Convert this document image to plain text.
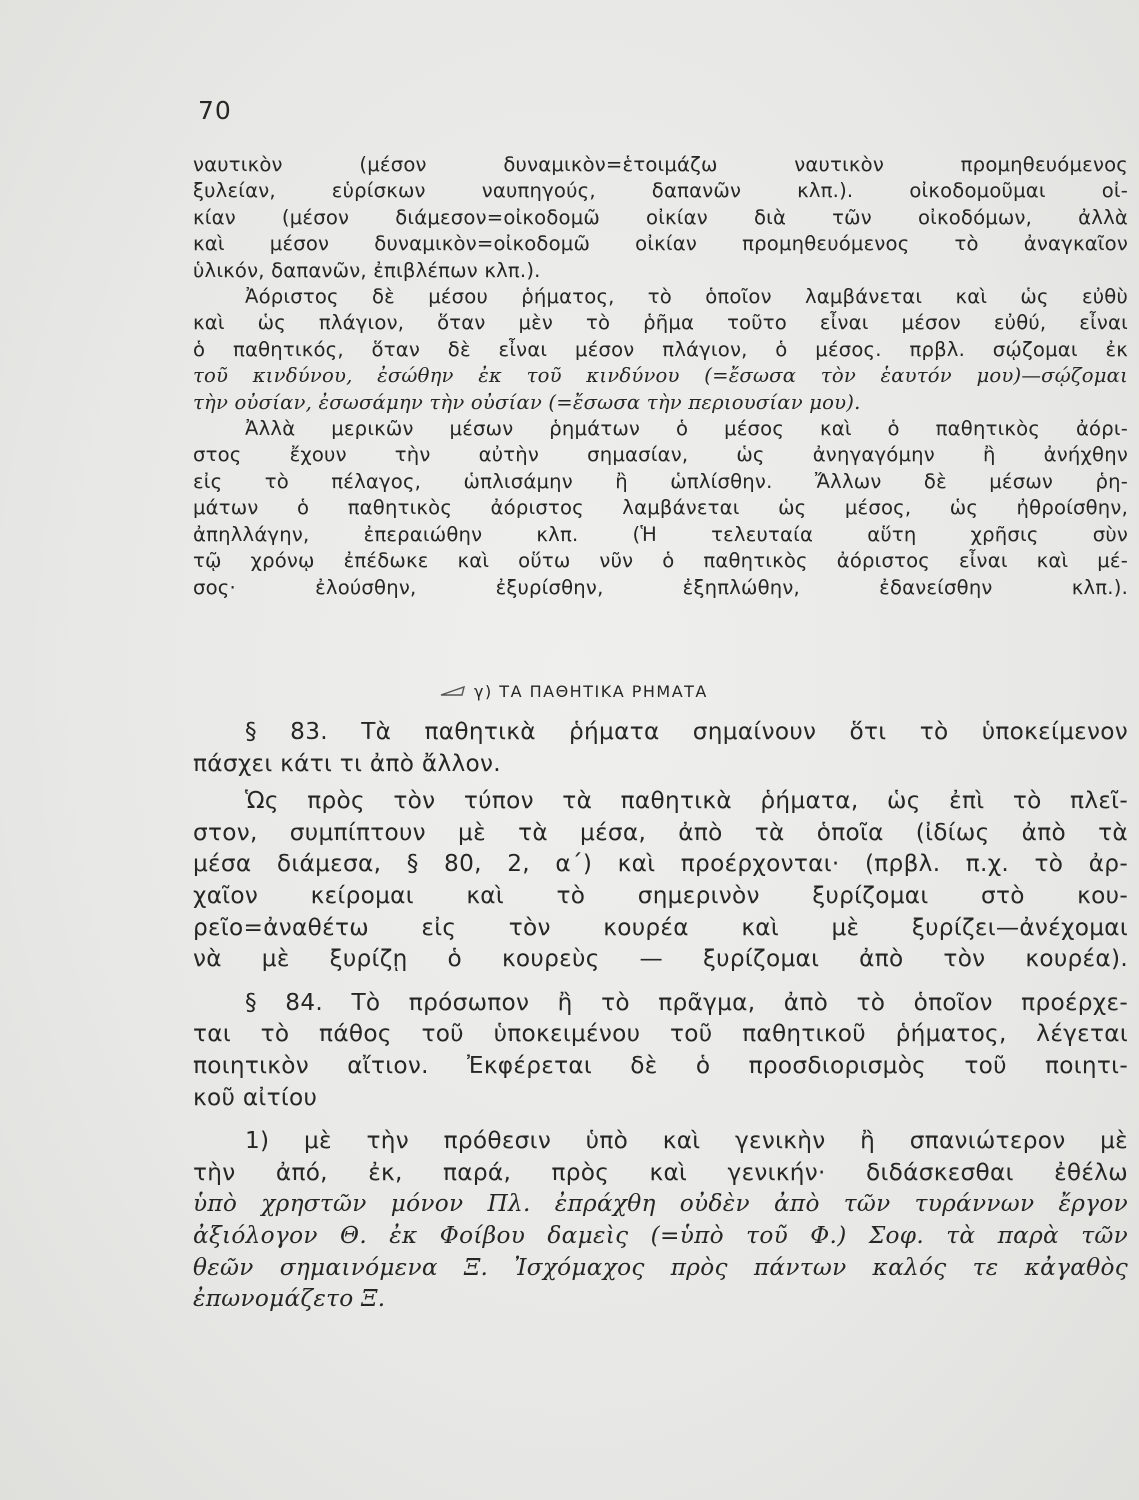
70
ναυτικὸν (μέσον δυναμικὸν=ἑτοιμάζω ναυτικὸν προμηθευόμενος
ξυλείαν, εὑρίσκων ναυπηγούς, δαπανῶν κλπ.). οἰκοδομοῦμαι οἰ-
κίαν (μέσον διάμεσον=οἰκοδομῶ οἰκίαν διὰ τῶν οἰκοδόμων, ἀλλὰ
καὶ μέσον δυναμικὸν=οἰκοδομῶ οἰκίαν προμηθευόμενος τὸ ἀναγκαῖον
ὑλικόν, δαπανῶν, ἐπιβλέπων κλπ.).
Ἀόριστος δὲ μέσου ῥήματος, τὸ ὁποῖον λαμβάνεται καὶ ὡς εὐθὺ
καὶ ὡς πλάγιον, ὅταν μὲν τὸ ῥῆμα τοῦτο εἶναι μέσον εὐθύ, εἶναι
ὁ παθητικός, ὅταν δὲ εἶναι μέσον πλάγιον, ὁ μέσος. πρβλ. σῴζομαι ἐκ
τοῦ κινδύνου, ἐσώθην ἐκ τοῦ κινδύνου (=ἔσωσα τὸν ἑαυτόν μου)—σῴζομαι
τὴν οὐσίαν, ἐσωσάμην τὴν οὐσίαν (=ἔσωσα τὴν περιουσίαν μου).
Ἀλλὰ μερικῶν μέσων ῥημάτων ὁ μέσος καὶ ὁ παθητικὸς ἀόρι-
στος ἔχουν τὴν αὐτὴν σημασίαν, ὡς ἀνηγαγόμην ἢ ἀνήχθην
εἰς τὸ πέλαγος, ὡπλισάμην ἢ ὡπλίσθην. Ἄλλων δὲ μέσων ῥη-
μάτων ὁ παθητικὸς ἀόριστος λαμβάνεται ὡς μέσος, ὡς ἠθροίσθην,
ἀπηλλάγην, ἐπεραιώθην κλπ. (Ἡ τελευταία αὕτη χρῆσις σὺν
τῷ χρόνῳ ἐπέδωκε καὶ οὕτω νῦν ὁ παθητικὸς ἀόριστος εἶναι καὶ μέ-
σος· ἐλούσθην, ἐξυρίσθην, ἐξηπλώθην, ἐδανείσθην κλπ.).
γ) ΤΑ ΠΑΘΗΤΙΚΑ ΡΗΜΑΤΑ
§ 83. Τὰ παθητικὰ ῥήματα σημαίνουν ὅτι τὸ ὑποκείμενον
πάσχει κάτι τι ἀπὸ ἄλλον.
Ὡς πρὸς τὸν τύπον τὰ παθητικὰ ῥήματα, ὡς ἐπὶ τὸ πλεῖ-
στον, συμπίπτουν μὲ τὰ μέσα, ἀπὸ τὰ ὁποῖα (ἰδίως ἀπὸ τὰ
μέσα διάμεσα, § 80, 2, α΄) καὶ προέρχονται· (πρβλ. π.χ. τὸ ἀρ-
χαῖον κείρομαι καὶ τὸ σημερινὸν ξυρίζομαι στὸ κου-
ρεῖο=ἀναθέτω εἰς τὸν κουρέα καὶ μὲ ξυρίζει—ἀνέχομαι
νὰ μὲ ξυρίζῃ ὁ κουρεὺς — ξυρίζομαι ἀπὸ τὸν κουρέα).
§ 84. Τὸ πρόσωπον ἢ τὸ πρᾶγμα, ἀπὸ τὸ ὁποῖον προέρχε-
ται τὸ πάθος τοῦ ὑποκειμένου τοῦ παθητικοῦ ῥήματος, λέγεται
ποιητικὸν αἴτιον. Ἐκφέρεται δὲ ὁ προσδιορισμὸς τοῦ ποιητι-
κοῦ αἰτίου
1) μὲ τὴν πρόθεσιν ὑπὸ καὶ γενικὴν ἢ σπανιώτερον μὲ
τὴν ἀπό, ἐκ, παρά, πρὸς καὶ γενικήν· διδάσκεσθαι ἐθέλω
ὑπὸ χρηστῶν μόνον Πλ. ἐπράχθη οὐδὲν ἀπὸ τῶν τυράννων ἔργον
ἀξιόλογον Θ. ἐκ Φοίβου δαμεὶς (=ὑπὸ τοῦ Φ.) Σοφ. τὰ παρὰ τῶν
θεῶν σημαινόμενα Ξ. Ἰσχόμαχος πρὸς πάντων καλός τε κἀγαθὸς
ἐπωνομάζετο Ξ.
